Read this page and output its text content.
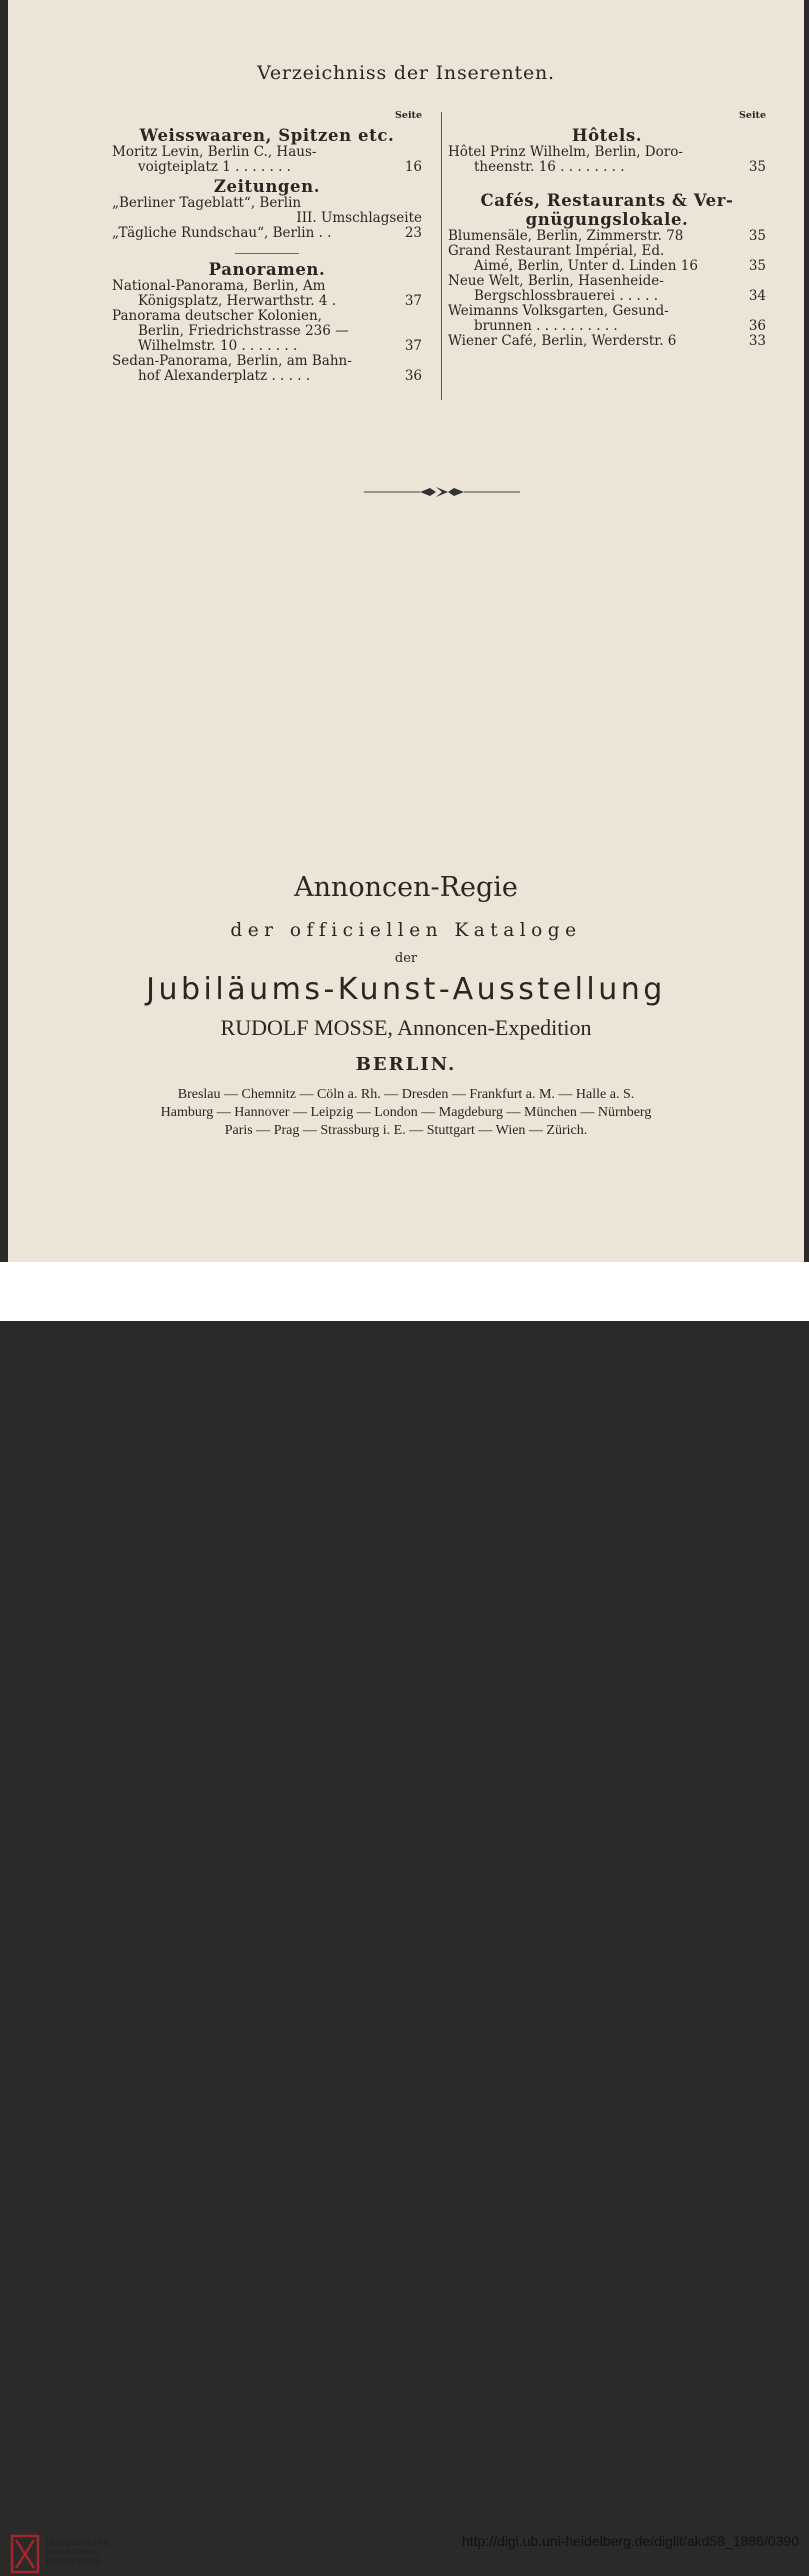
Verzeichniss der Inserenten.
Seite
Weisswaaren, Spitzen etc.
Moritz Levin, Berlin C., Haus-
voigteiplatz 1 . . . . . . .	16
Zeitungen.
„Berliner Tageblatt“, Berlin
III. Umschlagseite
„Tägliche Rundschau“, Berlin . .	23
Panoramen.
National-Panorama, Berlin, Am
Königsplatz, Herwarthstr. 4 .	37
Panorama deutscher Kolonien,
Berlin, Friedrichstrasse 236 —
Wilhelmstr. 10 . . . . . . .	37
Sedan-Panorama, Berlin, am Bahn-
hof Alexanderplatz . . . . .	36
Seite
Hôtels.
Hôtel Prinz Wilhelm, Berlin, Doro-
theenstr. 16 . . . . . . . .	35
Cafés, Restaurants & Ver-
gnügungslokale.
Blumensäle, Berlin, Zimmerstr. 78	35
Grand Restaurant Impérial, Ed.
Aimé, Berlin, Unter d. Linden 16	35
Neue Welt, Berlin, Hasenheide-
Bergschlossbrauerei . . . . .	34
Weimanns Volksgarten, Gesund-
brunnen . . . . . . . . . .	36
Wiener Café, Berlin, Werderstr. 6	33
Annoncen-Regie
der officiellen Kataloge
der
Jubiläums-Kunst-Ausstellung
RUDOLF MOSSE, Annoncen-Expedition
BERLIN.
Breslau — Chemnitz — Cöln a. Rh. — Dresden — Frankfurt a. M. — Halle a. S.
Hamburg — Hannover — Leipzig — London — Magdeburg — München — Nürnberg
Paris — Prag — Strassburg i. E. — Stuttgart — Wien — Zürich.
UNIVERSITÄTS-
BIBLIOTHEK
HEIDELBERG
http://digi.ub.uni-heidelberg.de/diglit/akd58_1886/0390
